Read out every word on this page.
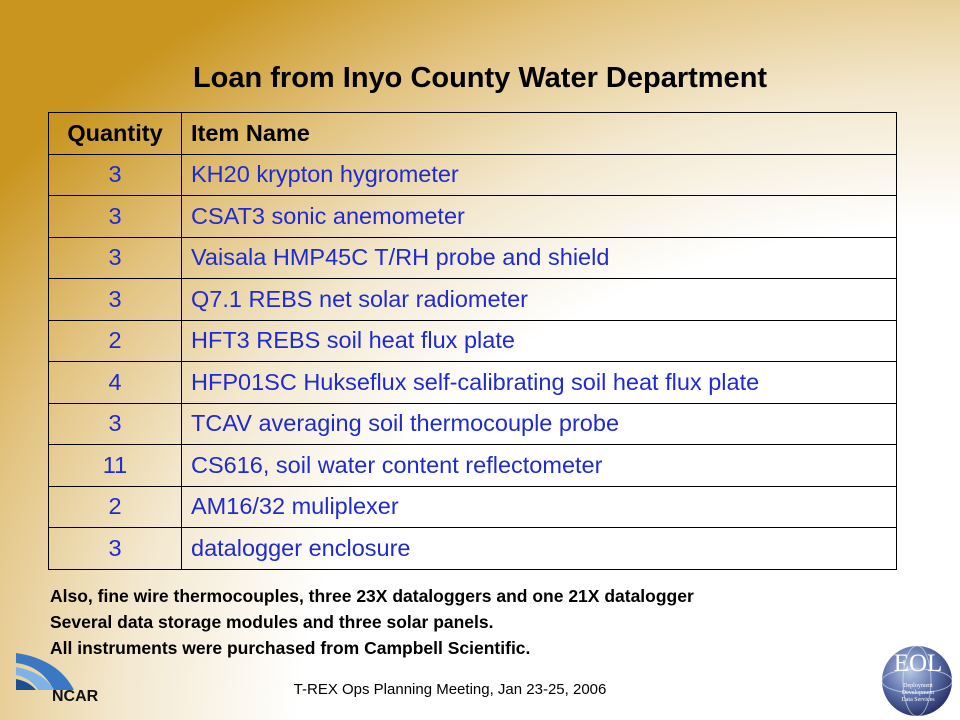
Loan from Inyo County Water Department
Quantity	Item Name
3	KH20 krypton hygrometer
3	CSAT3 sonic anemometer
3	Vaisala HMP45C T/RH probe and shield
3	Q7.1 REBS net solar radiometer
2	HFT3 REBS soil heat flux plate
4	HFP01SC Hukseflux self-calibrating soil heat flux plate
3	TCAV averaging soil thermocouple probe
11	CS616, soil water content reflectometer
2	AM16/32 muliplexer
3	datalogger enclosure
Also, fine wire thermocouples, three 23X dataloggers and one 21X datalogger
Several data storage modules and three solar panels.
All instruments were purchased from Campbell Scientific.
NCAR
EOL
Deployment
Development
Data Services
T-REX Ops Planning Meeting, Jan 23-25, 2006
